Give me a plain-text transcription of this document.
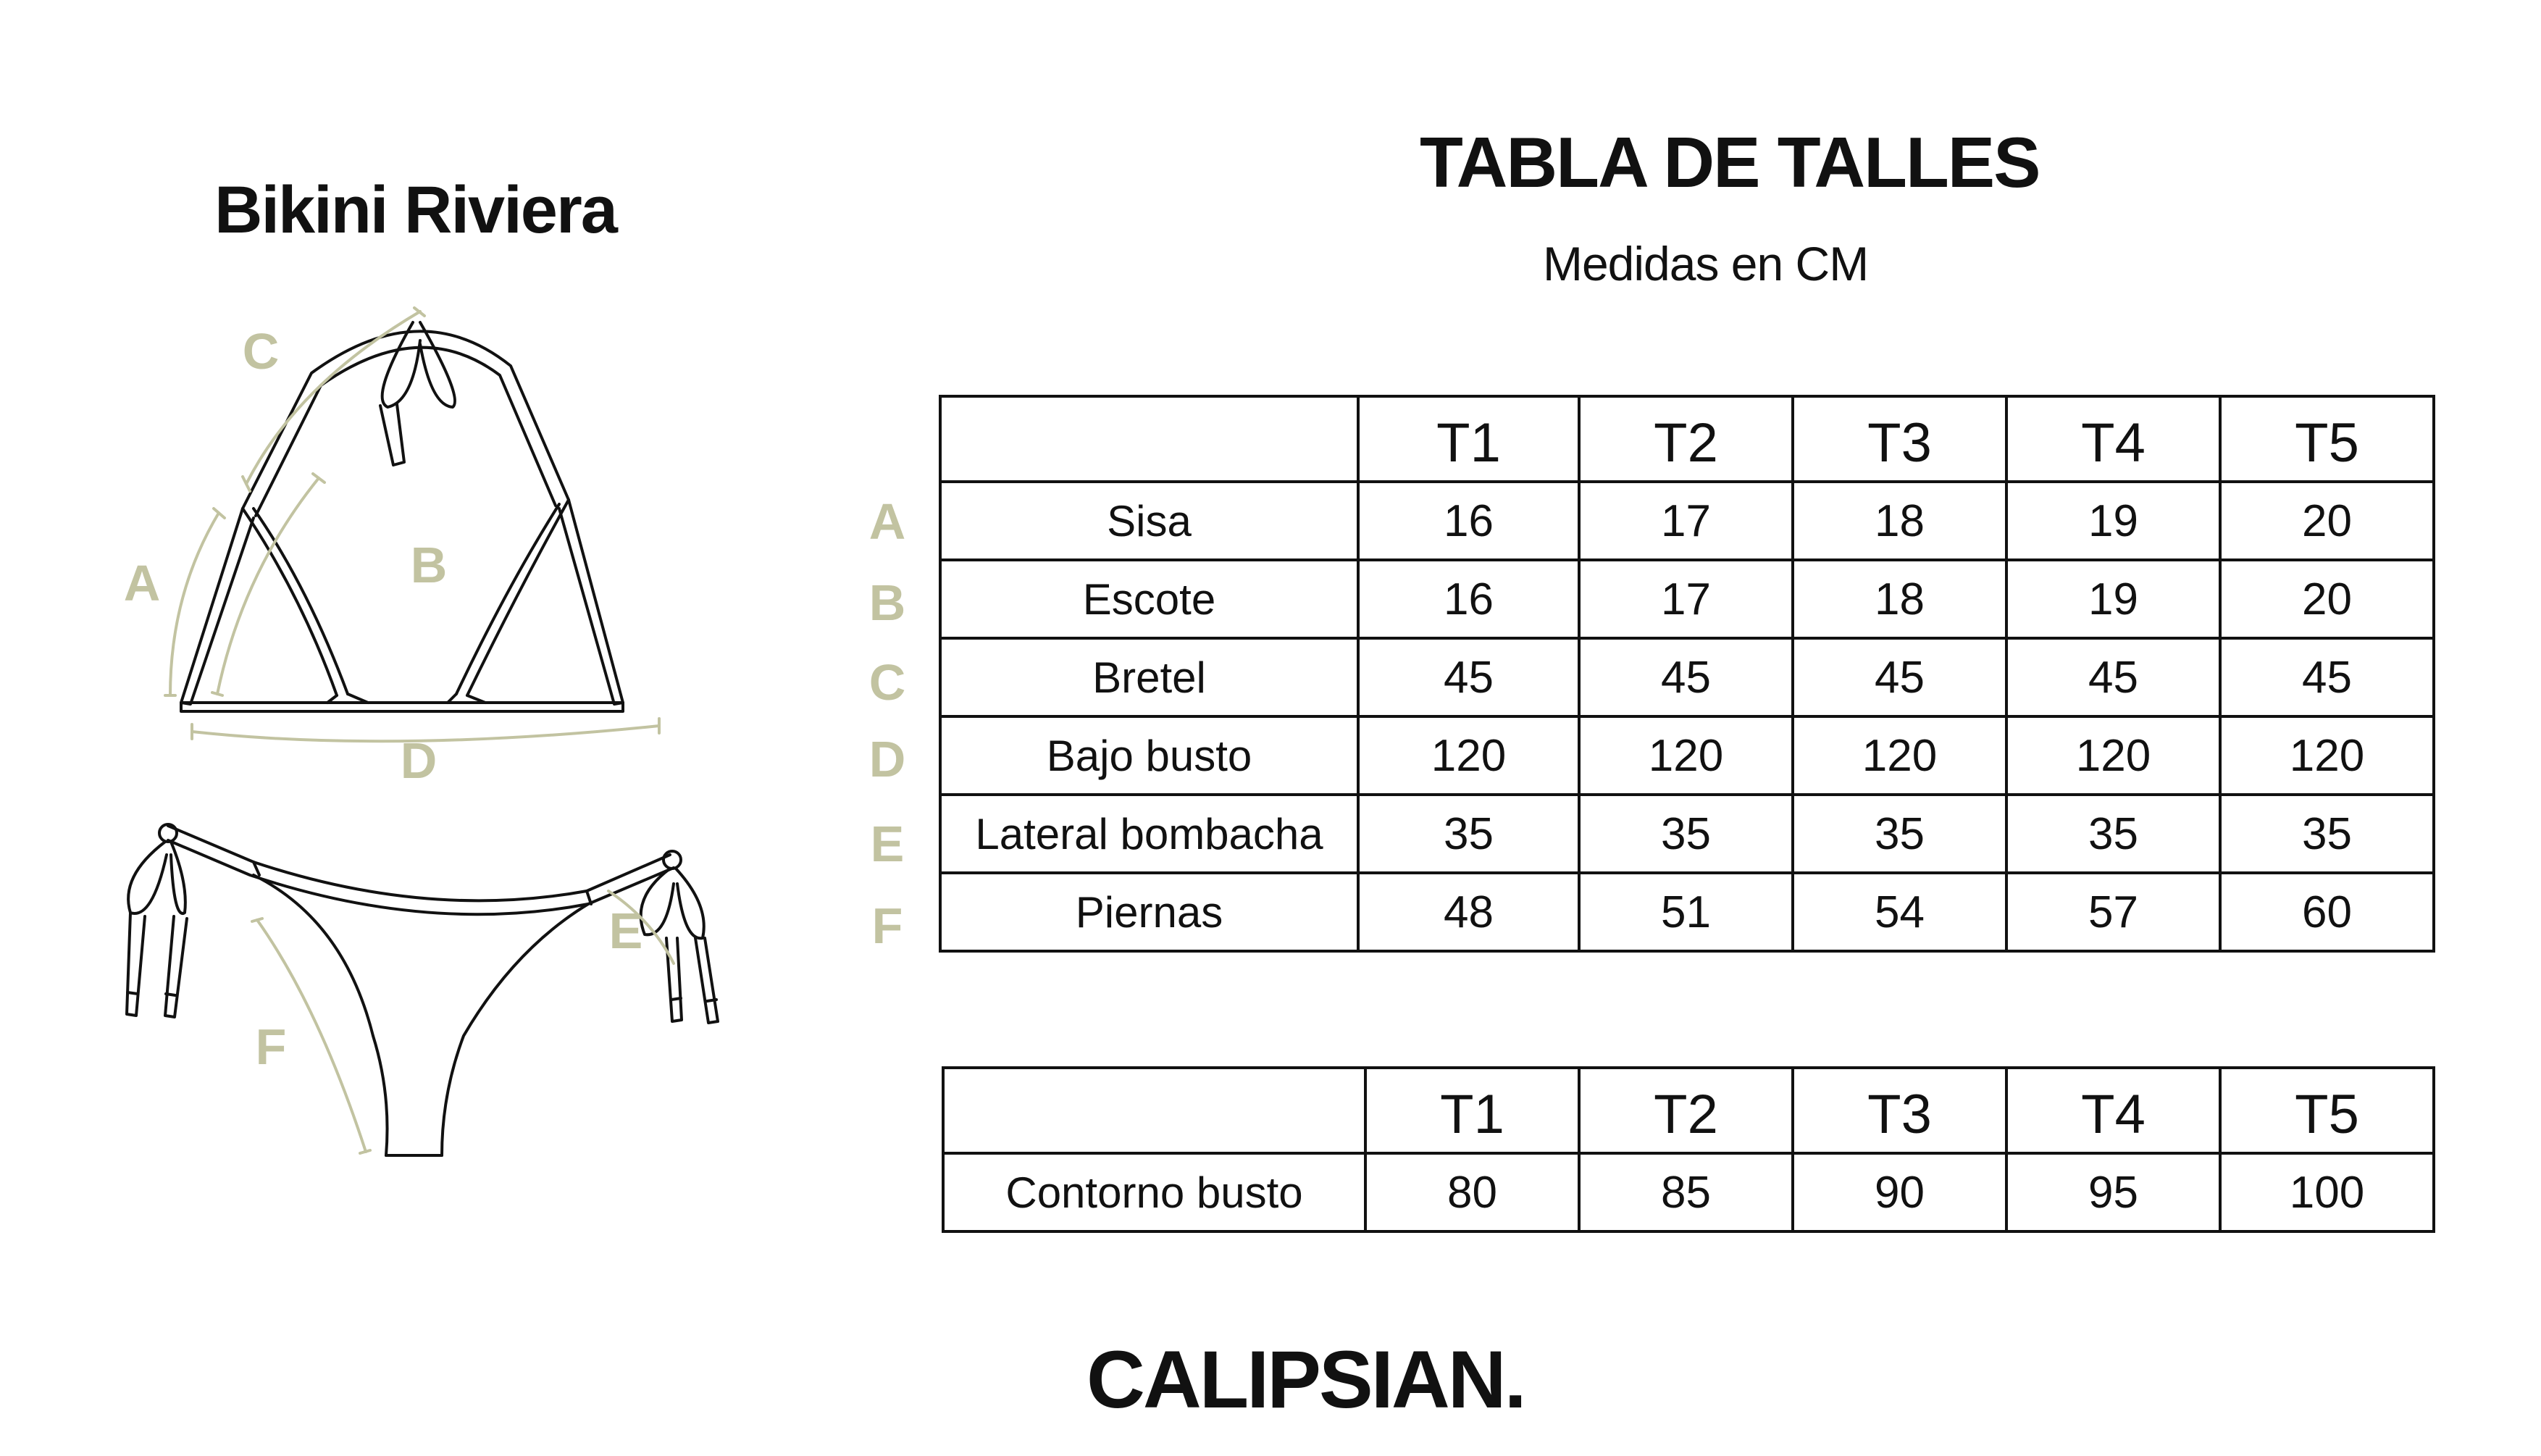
Bikini Riviera
TABLA DE TALLES
Medidas en CM
CALIPSIAN.
C
A	B
D
E
F
A
B
C
D
E
F
	T1	T2	T3	T4	T5
Sisa	16	17	18	19	20
Escote	16	17	18	19	20
Bretel	45	45	45	45	45
Bajo busto	120	120	120	120	120
Lateral bombacha	35	35	35	35	35
Piernas	48	51	54	57	60
	T1	T2	T3	T4	T5
Contorno busto	80	85	90	95	100
